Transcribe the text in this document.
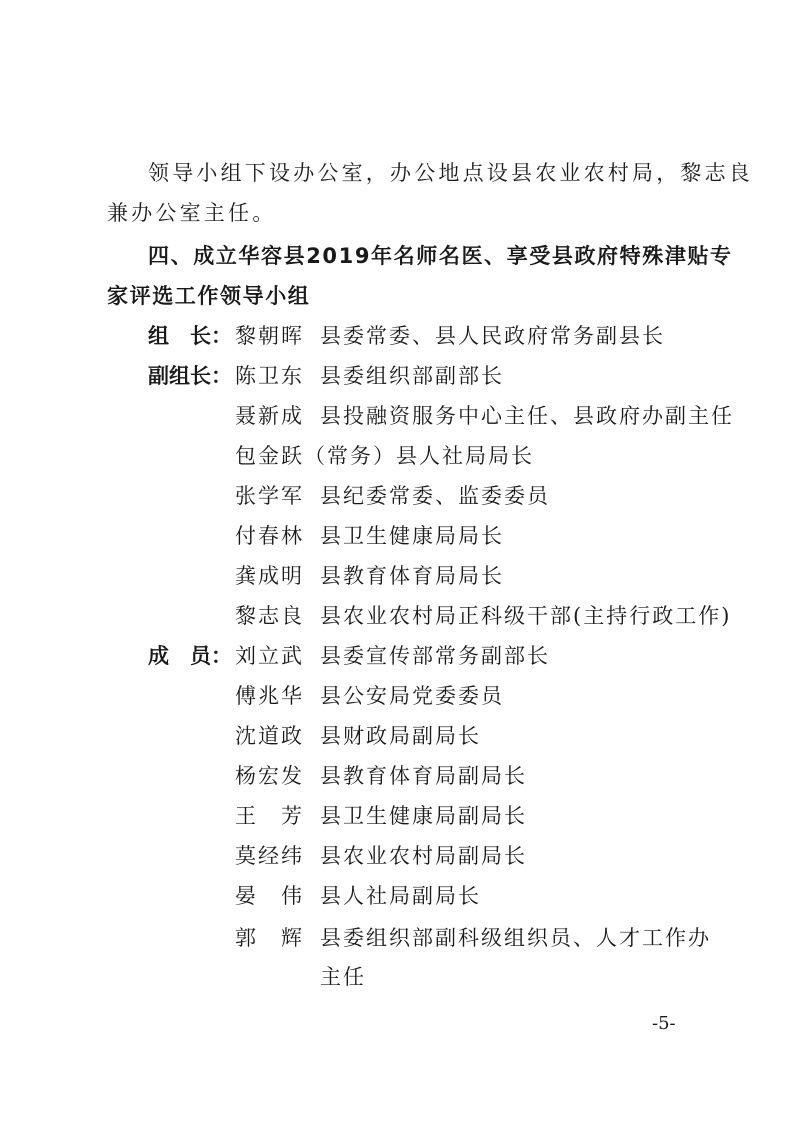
领导小组下设办公室，办公地点设县农业农村局，黎志良
兼办公室主任。
四、成立华容县2019年名师名医、享受县政府特殊津贴专
家评选工作领导小组
组　长： 黎朝晖 县委常委、县人民政府常务副县长
副组长： 陈卫东 县委组织部副部长
聂新成 县投融资服务中心主任、县政府办副主任
包金跃（常务）县人社局局长
张学军 县纪委常委、监委委员
付春林 县卫生健康局局长
龚成明 县教育体育局局长
黎志良 县农业农村局正科级干部(主持行政工作)
成　员： 刘立武 县委宣传部常务副部长
傅兆华 县公安局党委委员
沈道政 县财政局副局长
杨宏发 县教育体育局副局长
王　芳 县卫生健康局副局长
莫经纬 县农业农村局副局长
晏　伟 县人社局副局长
郭　辉 县委组织部副科级组织员、人才工作办
主任
-5-
